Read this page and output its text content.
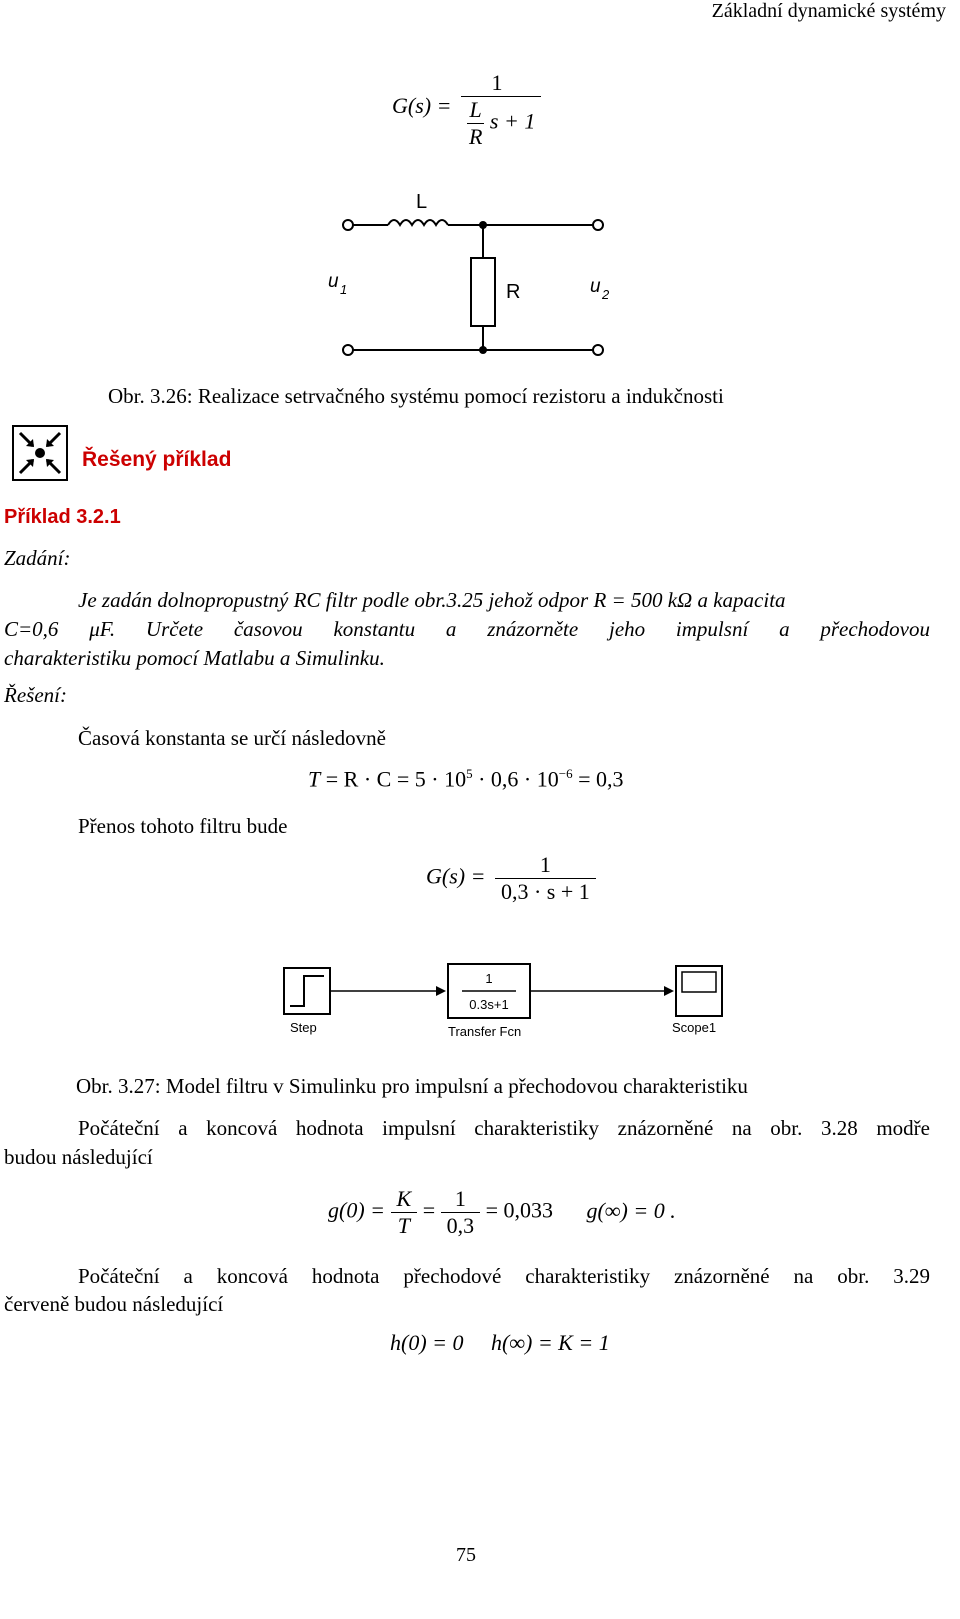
Základní dynamické systémy
$G(s) = \frac{1}{\frac{L}{R} s + 1}$
L
R
u 1	u 2
Obr. 3.26: Realizace setrvačného systému pomocí rezistoru a indukčnosti
Řešený příklad
Příklad 3.2.1
Zadání:
Je zadán dolnopropustný RC filtr podle obr.3.25 jehož odpor R = 500 kΩ a kapacita
C=0,6 μF. Určete časovou konstantu a znázorněte jeho impulsní a přechodovou
charakteristiku pomocí Matlabu a Simulinku.
Řešení:
Časová konstanta se určí následovně
$T = R \cdot C = 5 \cdot 10^5 \cdot 0,6 \cdot 10^{-6} = 0,3$
Přenos tohoto filtru bude
$G(s) = \frac{1}{0,3 \cdot s + 1}$
Step
1
0.3s+1
Transfer Fcn	Scope1
Obr. 3.27: Model filtru v Simulinku pro impulsní a přechodovou charakteristiku
Počáteční a koncová hodnota impulsní charakteristiky znázorněné na obr. 3.28 modře
budou následující
$g(0) = \frac{K}{T} = \frac{1}{0,3} = 0,033$ g(∞) = 0 .
Počáteční a koncová hodnota přechodové charakteristiky znázorněné na obr. 3.29
červeně budou následující
h(0) = 0 h(∞) = K = 1
75
